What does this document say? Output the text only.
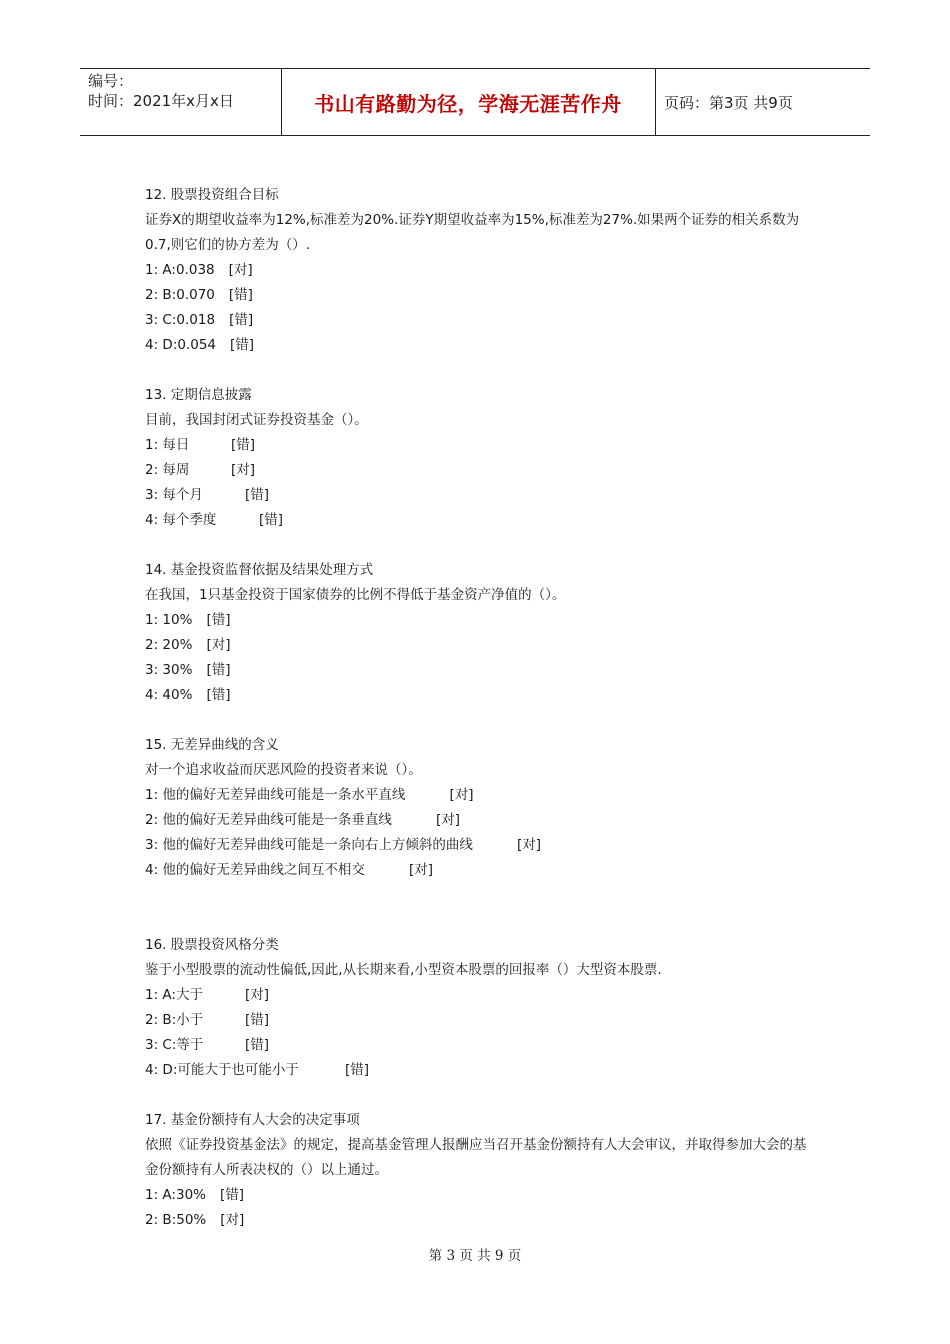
编号：
时间：2021年x月x日	书山有路勤为径，学海无涯苦作舟	页码：第3页 共9页
12. 股票投资组合目标
证券X的期望收益率为12%,标准差为20%.证券Y期望收益率为15%,标准差为27%.如果两个证券的相关系数为0.7,则它们的协方差为（）.
1: A:0.038 [对]
2: B:0.070 [错]
3: C:0.018 [错]
4: D:0.054 [错]
13. 定期信息披露
目前，我国封闭式证券投资基金（）。
1: 每日	[错]
2: 每周	[对]
3: 每个月	[错]
4: 每个季度	[错]
14. 基金投资监督依据及结果处理方式
在我国，1只基金投资于国家债券的比例不得低于基金资产净值的（）。
1: 10% [错]
2: 20% [对]
3: 30% [错]
4: 40% [错]
15. 无差异曲线的含义
对一个追求收益而厌恶风险的投资者来说（）。
1: 他的偏好无差异曲线可能是一条水平直线	[对]
2: 他的偏好无差异曲线可能是一条垂直线	[对]
3: 他的偏好无差异曲线可能是一条向右上方倾斜的曲线	[对]
4: 他的偏好无差异曲线之间互不相交	[对]
16. 股票投资风格分类
鉴于小型股票的流动性偏低,因此,从长期来看,小型资本股票的回报率（）大型资本股票.
1: A:大于	[对]
2: B:小于	[错]
3: C:等于	[错]
4: D:可能大于也可能小于	[错]
17. 基金份额持有人大会的决定事项
依照《证券投资基金法》的规定，提高基金管理人报酬应当召开基金份额持有人大会审议，并取得参加大会的基金份额持有人所表决权的（）以上通过。
1: A:30% [错]
2: B:50% [对]
第 3 页 共 9 页
